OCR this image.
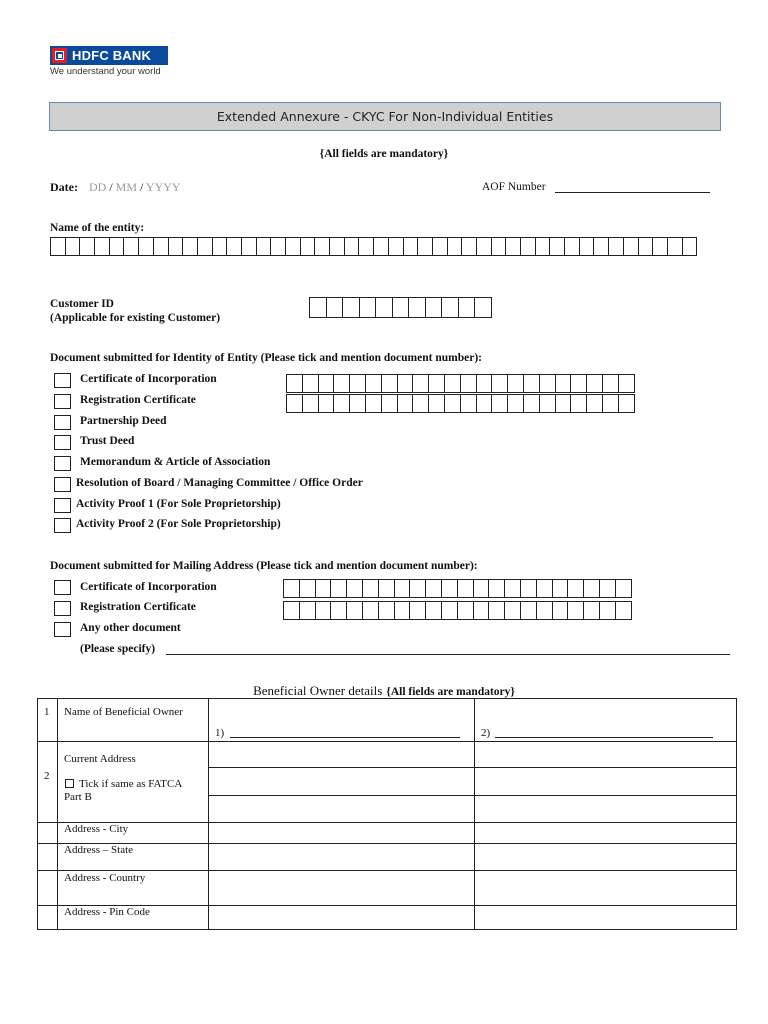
HDFC BANK
We understand your world
Extended Annexure - CKYC For Non-Individual Entities
{All fields are mandatory}
Date: DD / MM / YYYY	AOF Number
Name of the entity:
Customer ID
(Applicable for existing Customer)
Document submitted for Identity of Entity (Please tick and mention document number):
Certificate of Incorporation
Registration Certificate
Partnership Deed
Trust Deed
Memorandum & Article of Association
Resolution of Board / Managing Committee / Office Order
Activity Proof 1 (For Sole Proprietorship)
Activity Proof 2 (For Sole Proprietorship)
Document submitted for Mailing Address (Please tick and mention document number):
Certificate of Incorporation
Registration Certificate
Any other document
(Please specify)
Beneficial Owner details {All fields are mandatory}
1 Name of Beneficial Owner
1)	2)
2
Current Address
Tick if same as FATCA Part B
Address - City
Address – State
Address - Country
Address - Pin Code
